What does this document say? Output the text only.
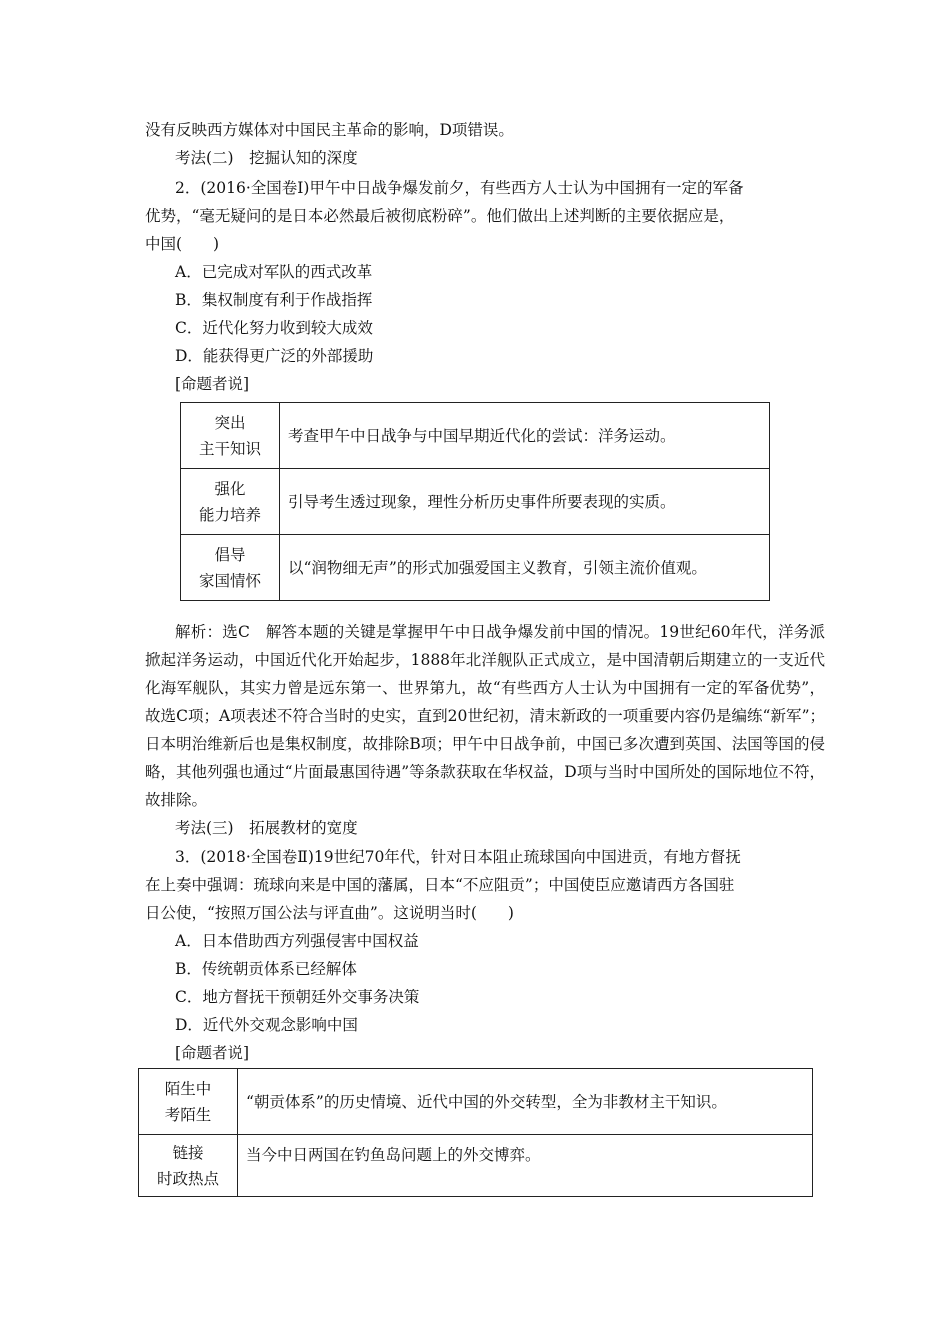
没有反映西方媒体对中国民主革命的影响，D项错误。
考法(二)　挖掘认知的深度
2．(2016·全国卷Ⅰ)甲午中日战争爆发前夕，有些西方人士认为中国拥有一定的军备
优势，“毫无疑问的是日本必然最后被彻底粉碎”。他们做出上述判断的主要依据应是，
中国(　　)
A．已完成对军队的西式改革
B．集权制度有利于作战指挥
C．近代化努力收到较大成效
D．能获得更广泛的外部援助
[命题者说]
突出
主干知识	考查甲午中日战争与中国早期近代化的尝试：洋务运动。

强化
能力培养	引导考生透过现象，理性分析历史事件所要表现的实质。

倡导
家国情怀	以“润物细无声”的形式加强爱国主义教育，引领主流价值观。
解析：选C　解答本题的关键是掌握甲午中日战争爆发前中国的情况。19世纪60年代，洋务派掀起洋务运动，中国近代化开始起步，1888年北洋舰队正式成立，是中国清朝后期建立的一支近代化海军舰队，其实力曾是远东第一、世界第九，故“有些西方人士认为中国拥有一定的军备优势”，故选C项；A项表述不符合当时的史实，直到20世纪初，清末新政的一项重要内容仍是编练“新军”；日本明治维新后也是集权制度，故排除B项；甲午中日战争前，中国已多次遭到英国、法国等国的侵略，其他列强也通过“片面最惠国待遇”等条款获取在华权益，D项与当时中国所处的国际地位不符，故排除。
考法(三)　拓展教材的宽度
3．(2018·全国卷Ⅱ)19世纪70年代，针对日本阻止琉球国向中国进贡，有地方督抚
在上奏中强调：琉球向来是中国的藩属，日本“不应阻贡”；中国使臣应邀请西方各国驻
日公使，“按照万国公法与评直曲”。这说明当时(　　)
A．日本借助西方列强侵害中国权益
B．传统朝贡体系已经解体
C．地方督抚干预朝廷外交事务决策
D．近代外交观念影响中国
[命题者说]
陌生中
考陌生	“朝贡体系”的历史情境、近代中国的外交转型，全为非教材主干知识。

链接
时政热点	当今中日两国在钓鱼岛问题上的外交博弈。
